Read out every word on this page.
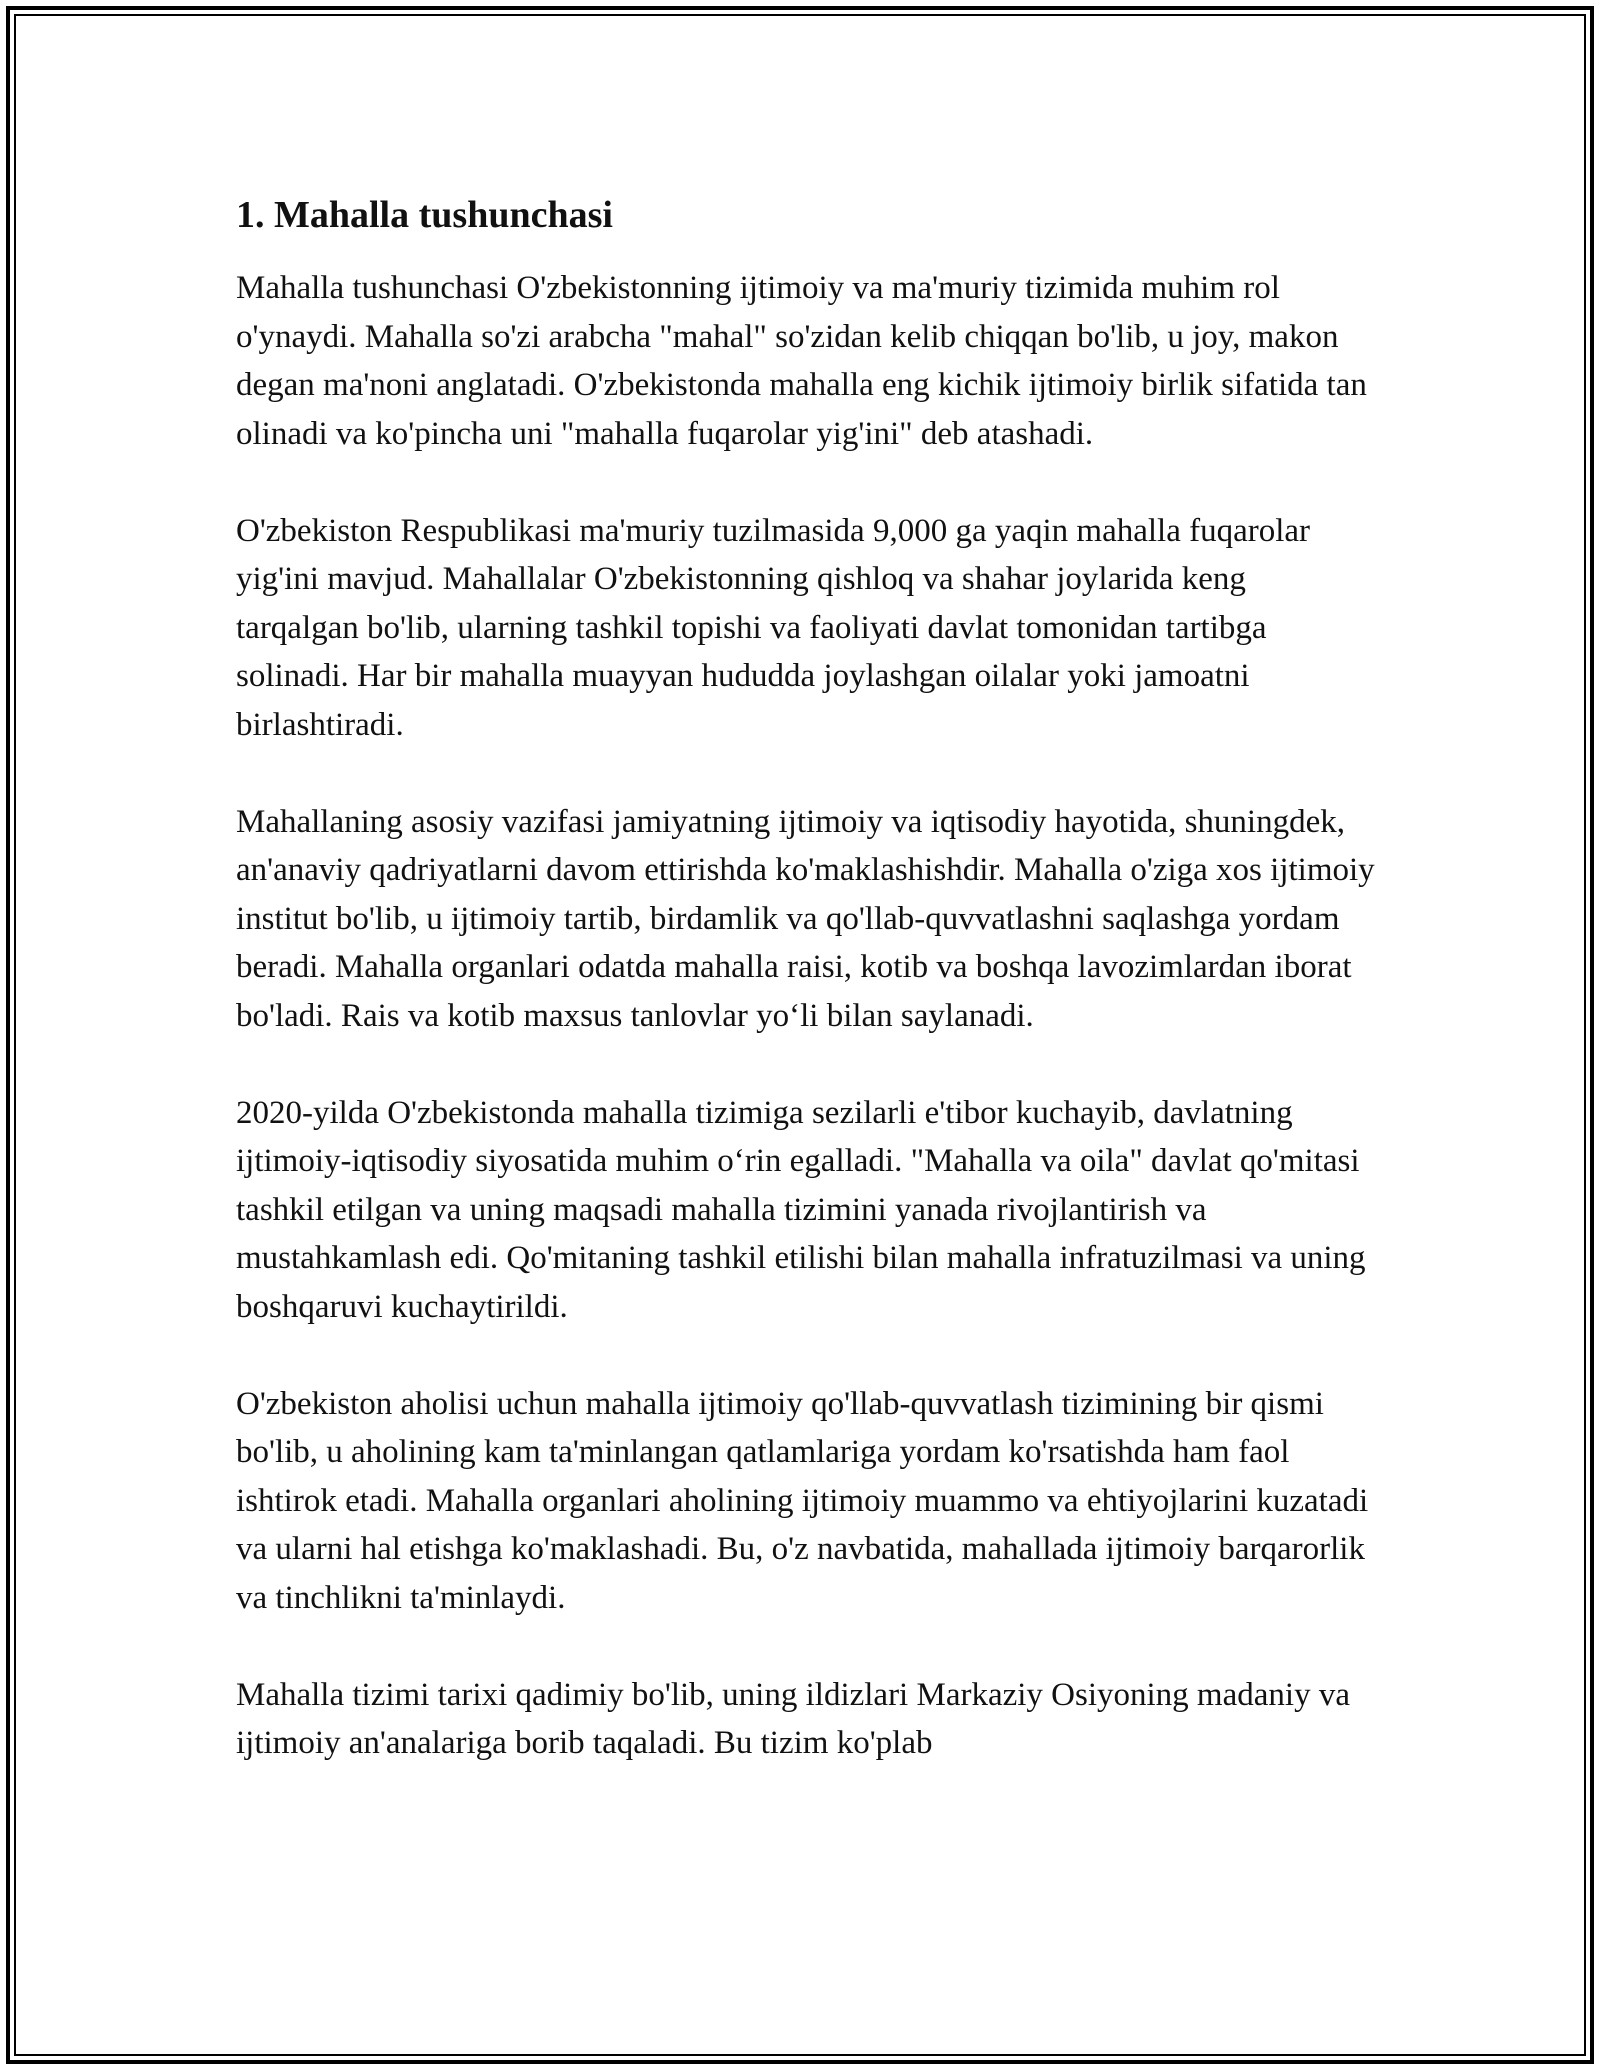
1. Mahalla tushunchasi

Mahalla tushunchasi O'zbekistonning ijtimoiy va ma'muriy tizimida muhim rol o'ynaydi. Mahalla so'zi arabcha "mahal" so'zidan kelib chiqqan bo'lib, u joy, makon degan ma'noni anglatadi. O'zbekistonda mahalla eng kichik ijtimoiy birlik sifatida tan olinadi va ko'pincha uni "mahalla fuqarolar yig'ini" deb atashadi.

O'zbekiston Respublikasi ma'muriy tuzilmasida 9,000 ga yaqin mahalla fuqarolar yig'ini mavjud. Mahallalar O'zbekistonning qishloq va shahar joylarida keng tarqalgan bo'lib, ularning tashkil topishi va faoliyati davlat tomonidan tartibga solinadi. Har bir mahalla muayyan hududda joylashgan oilalar yoki jamoatni birlashtiradi.

Mahallaning asosiy vazifasi jamiyatning ijtimoiy va iqtisodiy hayotida, shuningdek, an'anaviy qadriyatlarni davom ettirishda ko'maklashishdir. Mahalla o'ziga xos ijtimoiy institut bo'lib, u ijtimoiy tartib, birdamlik va qo'llab-quvvatlashni saqlashga yordam beradi. Mahalla organlari odatda mahalla raisi, kotib va boshqa lavozimlardan iborat bo'ladi. Rais va kotib maxsus tanlovlar yo‘li bilan saylanadi.

2020-yilda O'zbekistonda mahalla tizimiga sezilarli e'tibor kuchayib, davlatning ijtimoiy-iqtisodiy siyosatida muhim o‘rin egalladi. "Mahalla va oila" davlat qo'mitasi tashkil etilgan va uning maqsadi mahalla tizimini yanada rivojlantirish va mustahkamlash edi. Qo'mitaning tashkil etilishi bilan mahalla infratuzilmasi va uning boshqaruvi kuchaytirildi.

O'zbekiston aholisi uchun mahalla ijtimoiy qo'llab-quvvatlash tizimining bir qismi bo'lib, u aholining kam ta'minlangan qatlamlariga yordam ko'rsatishda ham faol ishtirok etadi. Mahalla organlari aholining ijtimoiy muammo va ehtiyojlarini kuzatadi va ularni hal etishga ko'maklashadi. Bu, o'z navbatida, mahallada ijtimoiy barqarorlik va tinchlikni ta'minlaydi.

Mahalla tizimi tarixi qadimiy bo'lib, uning ildizlari Markaziy Osiyoning madaniy va ijtimoiy an'analariga borib taqaladi. Bu tizim ko'plab
